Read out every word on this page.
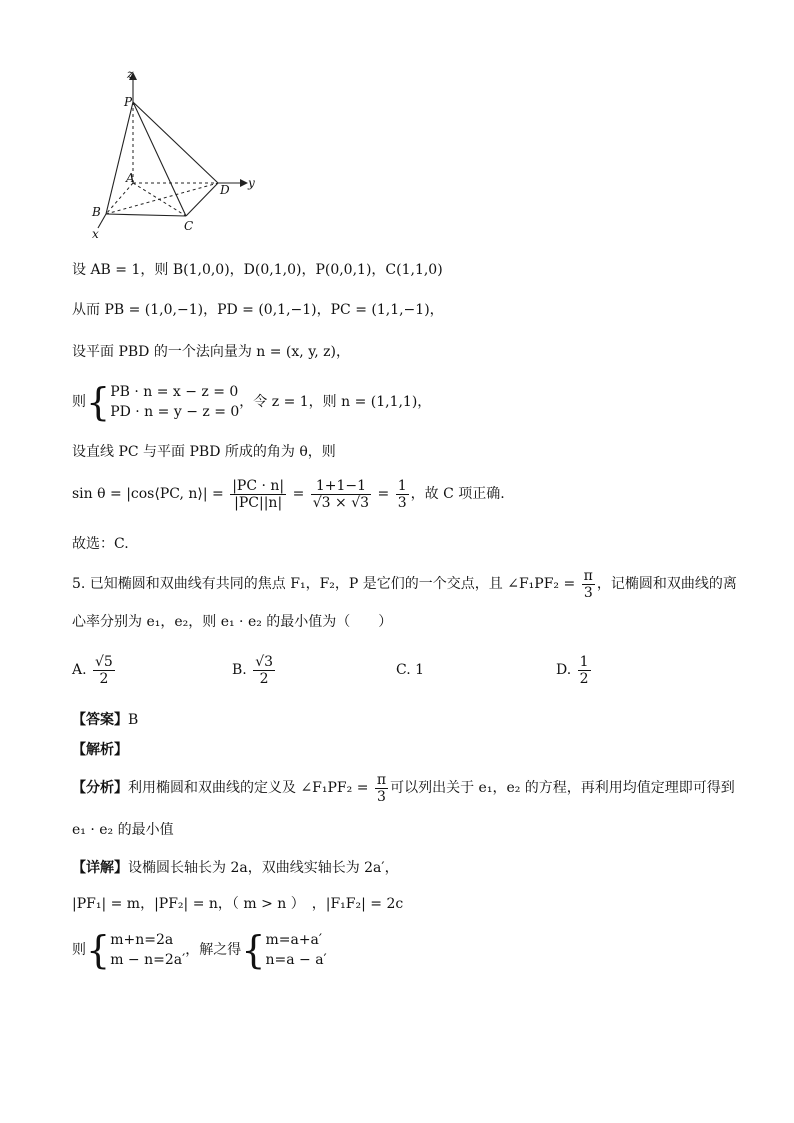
z
y
x
P
A
B
C
D
设 AB = 1，则 B(1,0,0)，D(0,1,0)，P(0,0,1)，C(1,1,0)
从而 PB = (1,0,−1)，PD = (0,1,−1)，PC = (1,1,−1)，
设平面 PBD 的一个法向量为 n = (x, y, z)，
则{ PB · n = x − z = 0
PD · n = y − z = 0
，令 z = 1，则 n = (1,1,1)，
设直线 PC 与平面 PBD 所成的角为 θ，则
sin θ = |cos⟨PC, n⟩| = $\frac{|PC \cdot n|}{|PC||n|} = \frac{1+1-1}{√3 \times √3} = \frac{1}{3}$ ，故 C 项正确.
故选：C.
5. 已知椭圆和双曲线有共同的焦点 F₁，F₂，P 是它们的一个交点，且 ∠F₁PF₂ = $\frac{\pi}{3}$ ，记椭圆和双曲线的离
心率分别为 e₁，e₂，则 e₁ · e₂ 的最小值为（　　）
A. $\frac{√5}{2}$	B. $\frac{√3}{2}$	C. 1	D. $\frac{1}{2}$
【答案】B
【解析】
【分析】利用椭圆和双曲线的定义及 ∠F₁PF₂ = $\frac{\pi}{3}$ 可以列出关于 e₁，e₂ 的方程，再利用均值定理即可得到
e₁ · e₂ 的最小值
【详解】设椭圆长轴长为 2a，双曲线实轴长为 2a′，
|PF₁| = m，|PF₂| = n，（ m > n ）　，|F₁F₂| = 2c
则{ m+n=2a
m − n=2a′
，解之得{ m=a+a′
n=a − a′
